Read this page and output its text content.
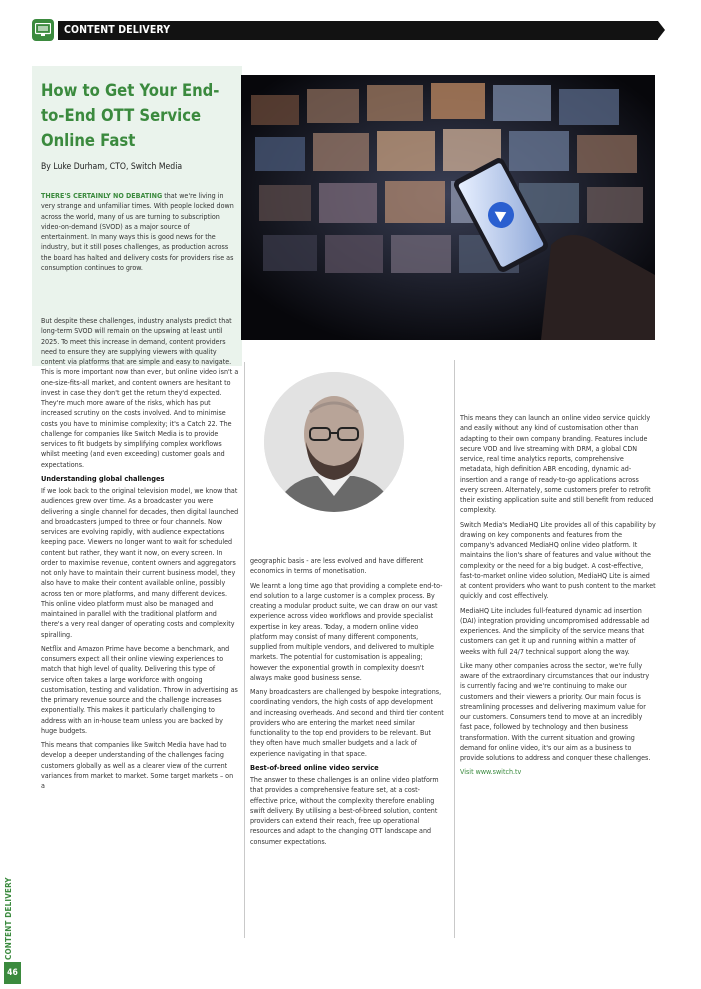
CONTENT DELIVERY
How to Get Your End-to-End OTT Service Online Fast
By Luke Durham, CTO, Switch Media

THERE'S CERTAINLY NO DEBATING that we're living in very strange and unfamiliar times. With people locked down across the world, many of us are turning to subscription video-on-demand (SVOD) as a major source of entertainment. In many ways this is good news for the industry, but it still poses challenges, as production across the board has halted and delivery costs for providers rise as consumption continues to grow.

But despite these challenges, industry analysts predict that long-term SVOD will remain on the upswing at least until 2025. To meet this increase in demand, content providers need to ensure they are supplying viewers with quality content via platforms that are simple and easy to navigate. This is more important now than ever, but online video isn't a one-size-fits-all market, and content owners are hesitant to invest in case they don't get the return they'd expected. They're much more aware of the risks, which has put increased scrutiny on the costs involved. And to minimise costs you have to minimise complexity; it's a Catch 22. The challenge for companies like Switch Media is to provide services to fit budgets by simplifying complex workflows whilst meeting (and even exceeding) customer goals and expectations.

Understanding global challenges

If we look back to the original television model, we know that audiences grew over time. As a broadcaster you were delivering a single channel for decades, then digital launched and broadcasters jumped to three or four channels. Now services are evolving rapidly, with audience expectations keeping pace. Viewers no longer want to wait for scheduled content but rather, they want it now, on every screen. In order to maximise revenue, content owners and aggregators not only have to maintain their current business model, they also have to make their content available online, possibly across ten or more platforms, and many different devices. This online video platform must also be managed and maintained in parallel with the traditional platform and there's a very real danger of operating costs and complexity spiralling.

Netflix and Amazon Prime have become a benchmark, and consumers expect all their online viewing experiences to match that high level of quality. Delivering this type of service often takes a large workforce with ongoing customisation, testing and validation. Throw in advertising as the primary revenue source and the challenge increases exponentially. This makes it particularly challenging to address with an in-house team unless you are backed by huge budgets.

This means that companies like Switch Media have had to develop a deeper understanding of the challenges facing customers globally as well as a clearer view of the current variances from market to market. Some target markets – on a

geographic basis - are less evolved and have different economics in terms of monetisation.

We learnt a long time ago that providing a complete end-to-end solution to a large customer is a complex process. By creating a modular product suite, we can draw on our vast experience across video workflows and provide specialist expertise in key areas. Today, a modern online video platform may consist of many different components, supplied from multiple vendors, and delivered to multiple markets. The potential for customisation is appealing; however the exponential growth in complexity doesn't always make good business sense.

Many broadcasters are challenged by bespoke integrations, coordinating vendors, the high costs of app development and increasing overheads. And second and third tier content providers who are entering the market need similar functionality to the top end providers to be relevant. But they often have much smaller budgets and a lack of experience navigating in that space.

Best-of-breed online video service

The answer to these challenges is an online video platform that provides a comprehensive feature set, at a cost-effective price, without the complexity therefore enabling swift delivery. By utilising a best-of-breed solution, content providers can extend their reach, free up operational resources and adapt to the changing OTT landscape and consumer expectations.

This means they can launch an online video service quickly and easily without any kind of customisation other than adapting to their own company branding. Features include secure VOD and live streaming with DRM, a global CDN service, real time analytics reports, comprehensive metadata, high definition ABR encoding, dynamic ad-insertion and a range of ready-to-go applications across every screen. Alternately, some customers prefer to retrofit their existing application suite and still benefit from reduced complexity.

Switch Media's MediaHQ Lite provides all of this capability by drawing on key components and features from the company's advanced MediaHQ online video platform. It maintains the lion's share of features and value without the complexity or the need for a big budget. A cost-effective, fast-to-market online video solution, MediaHQ Lite is aimed at content providers who want to push content to the market quickly and cost effectively.

MediaHQ Lite includes full-featured dynamic ad insertion (DAI) integration providing uncompromised addressable ad experiences. And the simplicity of the service means that customers can get it up and running within a matter of weeks with full 24/7 technical support along the way.

Like many other companies across the sector, we're fully aware of the extraordinary circumstances that our industry is currently facing and we're continuing to make our customers and their viewers a priority. Our main focus is streamlining processes and delivering maximum value for our customers. Consumers tend to move at an incredibly fast pace, followed by technology and then business transformation. With the current situation and growing demand for online video, it's our aim as a business to provide solutions to address and conquer these challenges.

Visit www.switch.tv

CONTENT DELIVERY
46
